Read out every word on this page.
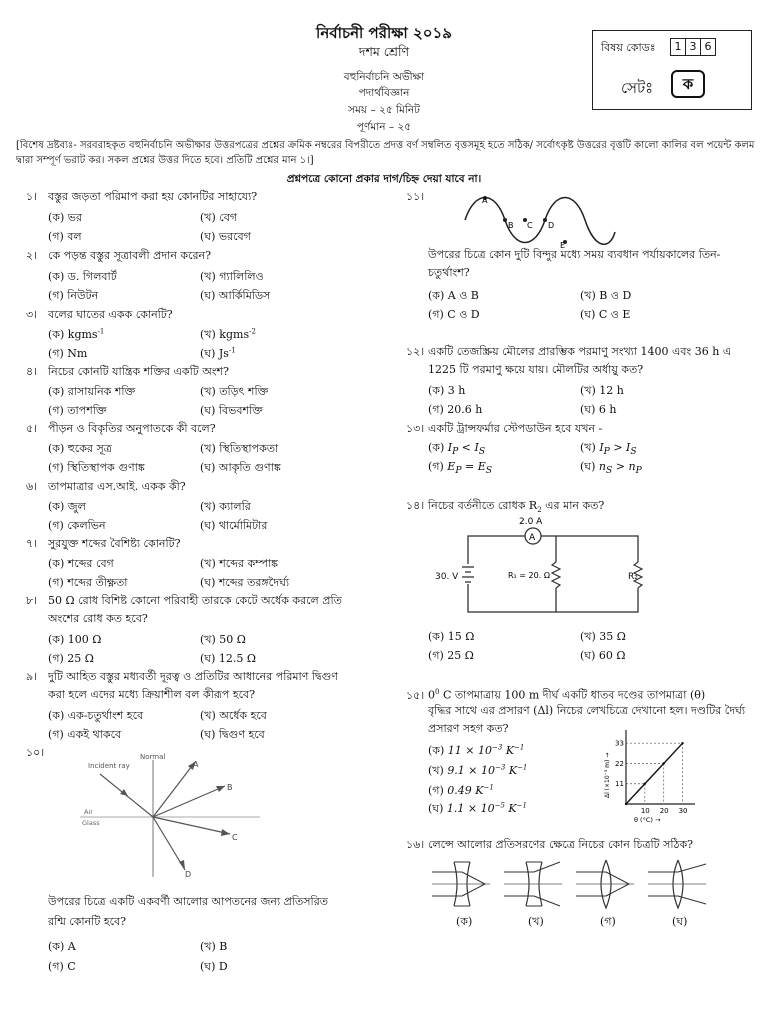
নির্বাচনী পরীক্ষা ২০১৯
দশম শ্রেণি
বহুনির্বাচনি অভীক্ষা
পদার্থবিজ্ঞান
সময় – ২৫ মিনিট
পূর্ণমান – ২৫
বিষয় কোডঃ	1 3 6
সেটঃ	ক
[বিশেষ দ্রষ্টব্যঃ- সরবরাহকৃত বহুনির্বাচনি অভীক্ষার উত্তরপত্রের প্রশ্নের ক্রমিক নম্বরের বিপরীতে প্রদত্ত বর্ণ সম্বলিত বৃত্তসমূহ হতে সঠিক/ সর্বোৎকৃষ্ট উত্তরের বৃত্তটি কালো কালির বল পয়েন্ট কলম দ্বারা সম্পূর্ণ ভরাট কর। সকল প্রশ্নের উত্তর দিতে হবে। প্রতিটি প্রশ্নের মান ১।]
প্রশ্নপত্রে কোনো প্রকার দাগ/চিহ্ন দেয়া যাবে না।
১। বস্তুর জড়তা পরিমাপ করা হয় কোনটির সাহায্যে?
(ক) ভর	(খ) বেগ
(গ) বল	(ঘ) ভরবেগ
২। কে পড়ন্ত বস্তুর সূত্রাবলী প্রদান করেন?
(ক) ড. গিলবার্ট	(খ) গ্যালিলিও
(গ) নিউটন	(ঘ) আর্কিমিডিস
৩। বলের ঘাতের একক কোনটি?
(ক) kgms$^{-1}$	(খ) kgms$^{-2}$
(গ) Nm	(ঘ) $Js^{-1}$
৪। নিচের কোনটি যান্ত্রিক শক্তির একটি অংশ?
(ক) রাসায়নিক শক্তি	(খ) তড়িৎ শক্তি
(গ) তাপশক্তি	(ঘ) বিভবশক্তি
৫। পীড়ন ও বিকৃতির অনুপাতকে কী বলে?
(ক) হুকের সূত্র	(খ) স্থিতিস্থাপকতা
(গ) স্থিতিস্থাপক গুণাঙ্ক	(ঘ) আকৃতি গুণাঙ্ক
৬। তাপমাত্রার এস.আই. একক কী?
(ক) জুল	(খ) ক্যালরি
(গ) কেলভিন	(ঘ) থার্মোমিটার
৭। সুরযুক্ত শব্দের বৈশিষ্ট্য কোনটি?
(ক) শব্দের বেগ	(খ) শব্দের কম্পাঙ্ক
(গ) শব্দের তীক্ষ্ণতা	(ঘ) শব্দের তরঙ্গদৈর্ঘ্য
৮। 50 Ω রোধ বিশিষ্ট কোনো পরিবাহী তারকে কেটে অর্ধেক করলে প্রতি
অংশের রোধ কত হবে?
(ক) 100 Ω	(খ) 50 Ω
(গ) 25 Ω	(ঘ) 12.5 Ω
৯। দুটি আহিত বস্তুর মধ্যবর্তী দূরত্ব ও প্রতিটির আধানের পরিমাণ দ্বিগুণ
করা হলে এদের মধ্যে ক্রিয়াশীল বল কীরূপ হবে?
(ক) এক-চতুর্থাংশ হবে	(খ) অর্ধেক হবে
(গ) একই থাকবে	(ঘ) দ্বিগুণ হবে
১০।	Normal
Incident ray
Air
Glass
A
B
C
D
উপরের চিত্রে একটি একবর্ণী আলোর আপতনের জন্য প্রতিসরিত
রশ্মি কোনটি হবে?
(ক) A	(খ) B
(গ) C	(ঘ) D
১১।	A
B C D
E
উপরের চিত্রে কোন দুটি বিন্দুর মধ্যে সময় ব্যবধান পর্যায়কালের তিন-
চতুর্থাংশ?
(ক) A ও B	(খ) B ও D
(গ) C ও D	(ঘ) C ও E
১২। একটি তেজস্ক্রিয় মৌলের প্রারম্ভিক পরমাণু সংখ্যা 1400 এবং 36 h এ
1225 টি পরমাণু ক্ষয়ে যায়। মৌলটির অর্ধায়ু কত?
(ক) 3 h	(খ) 12 h
(গ) 20.6 h	(ঘ) 6 h
১৩। একটি ট্রান্সফর্মার স্টেপডাউন হবে যখন -
(ক) $I_P < I_S$	(খ) $I_P > I_S$
(গ) $E_P = E_S$	(ঘ) $n_S > n_P$
১৪। নিচের বর্তনীতে রোধক $R_2$ এর মান কত?
A
2.0 A
R₁ = 20. Ω
30. V	R₂
(ক) 15 Ω	(খ) 35 Ω
(গ) 25 Ω	(ঘ) 60 Ω
১৫। $0^0$ C তাপমাত্রায় 100 m দীর্ঘ একটি ধাতব দণ্ডের তাপমাত্রা (θ)
বৃদ্ধির সাথে এর প্রসারণ (Δl) নিচের লেখচিত্রে দেখানো হল। দণ্ডটির দৈর্ঘ্য
প্রসারণ সহগ কত?
(ক) $11 \times 10^{-3}$ $K^{-1}$
(খ) $9.1 \times 10^{-3}$ $K^{-1}$
(গ) 0.49 $K^{-1}$
(ঘ) $1.1 \times 10^{-5}$ $K^{-1}$
10 20 30
11
22
33
θ (°C) →
Δl (×10⁻³ m) →
১৬। লেন্সে আলোর প্রতিসরণের ক্ষেত্রে নিচের কোন চিত্রটি সঠিক?
(ক)	(খ)	(গ)	(ঘ)
